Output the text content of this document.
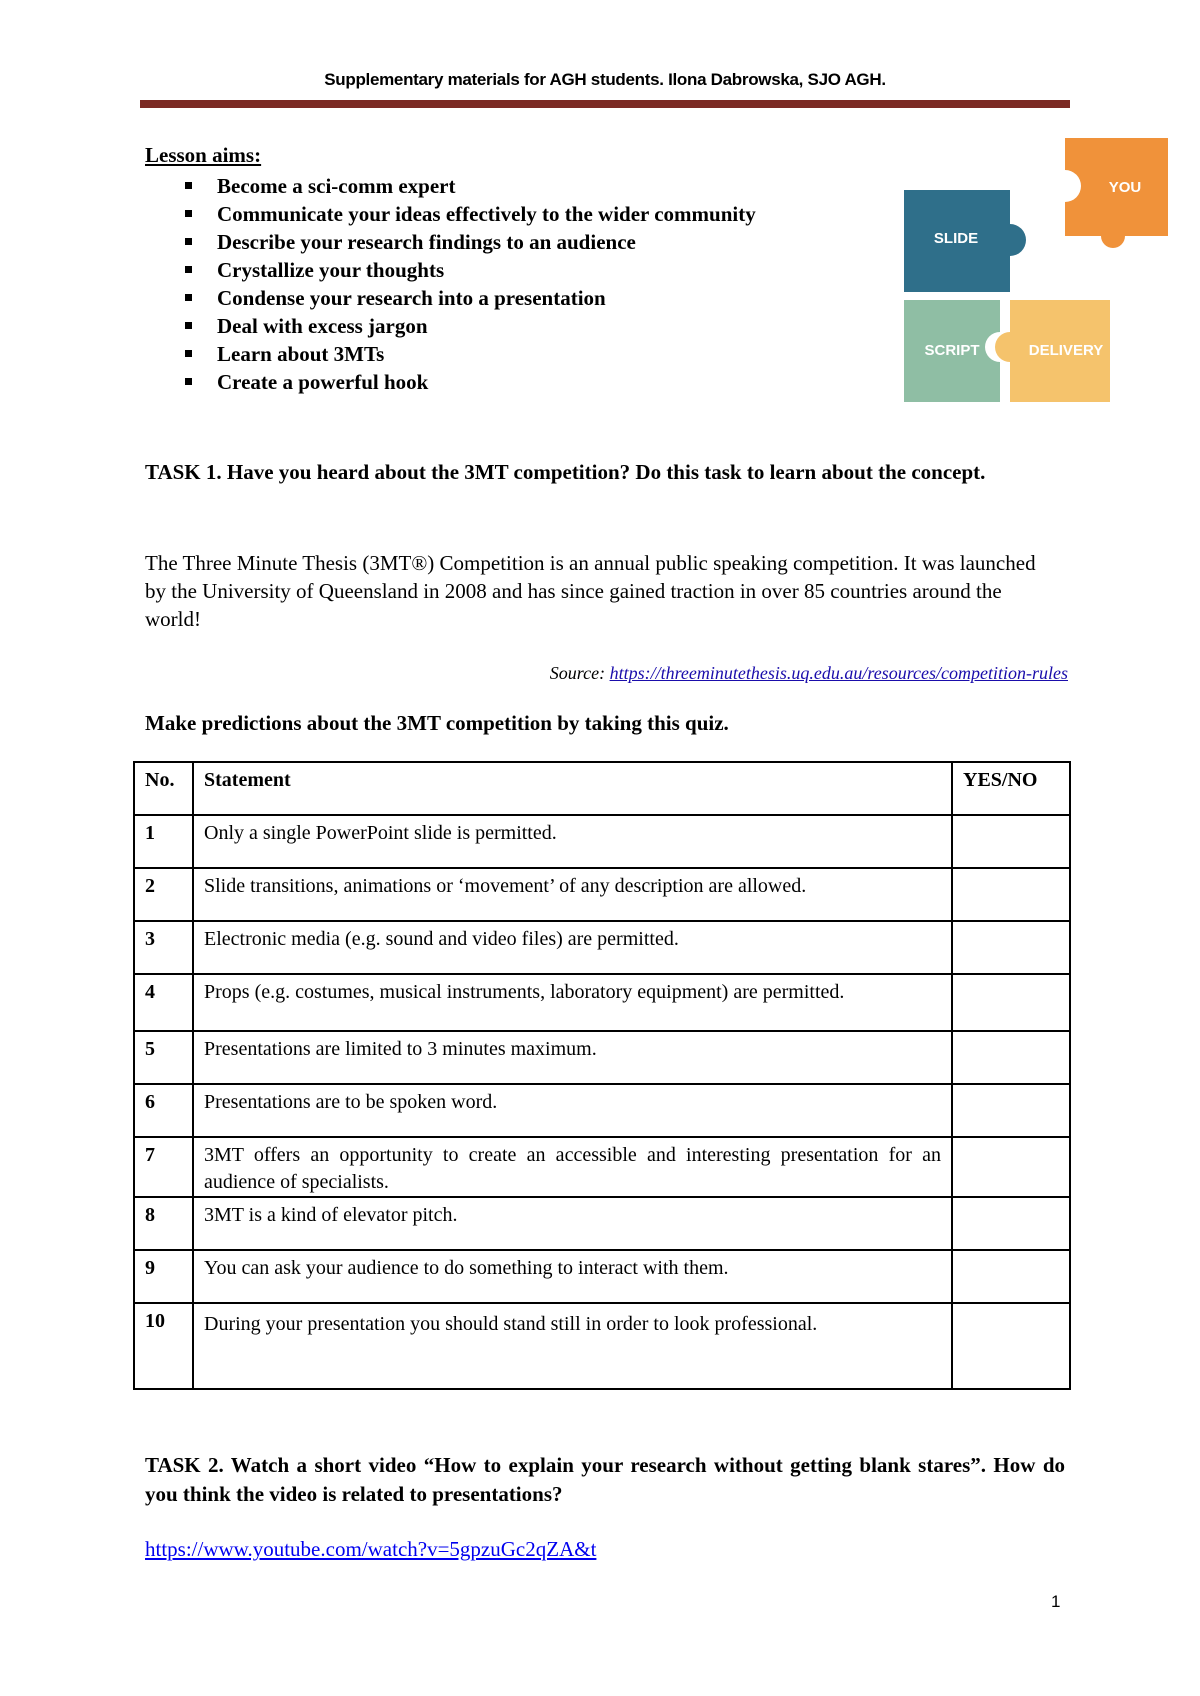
Supplementary materials for AGH students. Ilona Dabrowska, SJO AGH.
Lesson aims:
Become a sci-comm expert
Communicate your ideas effectively to the wider community
Describe your research findings to an audience
Crystallize your thoughts
Condense your research into a presentation
Deal with excess jargon
Learn about 3MTs
Create a powerful hook
YOU
SLIDE
SCRIPT	DELIVERY
TASK 1. Have you heard about the 3MT competition? Do this task to learn about the concept.
The Three Minute Thesis (3MT®) Competition is an annual public speaking competition. It was launched by the University of Queensland in 2008 and has since gained traction in over 85 countries around the world!
Source: https://threeminutethesis.uq.edu.au/resources/competition-rules
Make predictions about the 3MT competition by taking this quiz.
No.	Statement	YES/NO
1	Only a single PowerPoint slide is permitted.	
2	Slide transitions, animations or ‘movement’ of any description are allowed.	
3	Electronic media (e.g. sound and video files) are permitted.	
4	Props (e.g. costumes, musical instruments, laboratory equipment) are permitted.	
5	Presentations are limited to 3 minutes maximum.	
6	Presentations are to be spoken word.	
7	3MT offers an opportunity to create an accessible and interesting presentation for an audience of specialists.	
8	3MT is a kind of elevator pitch.	
9	You can ask your audience to do something to interact with them.	
10	During your presentation you should stand still in order to look professional.	
TASK 2. Watch a short video “How to explain your research without getting blank stares”. How do you think the video is related to presentations?
https://www.youtube.com/watch?v=5gpzuGc2qZA&t
1
